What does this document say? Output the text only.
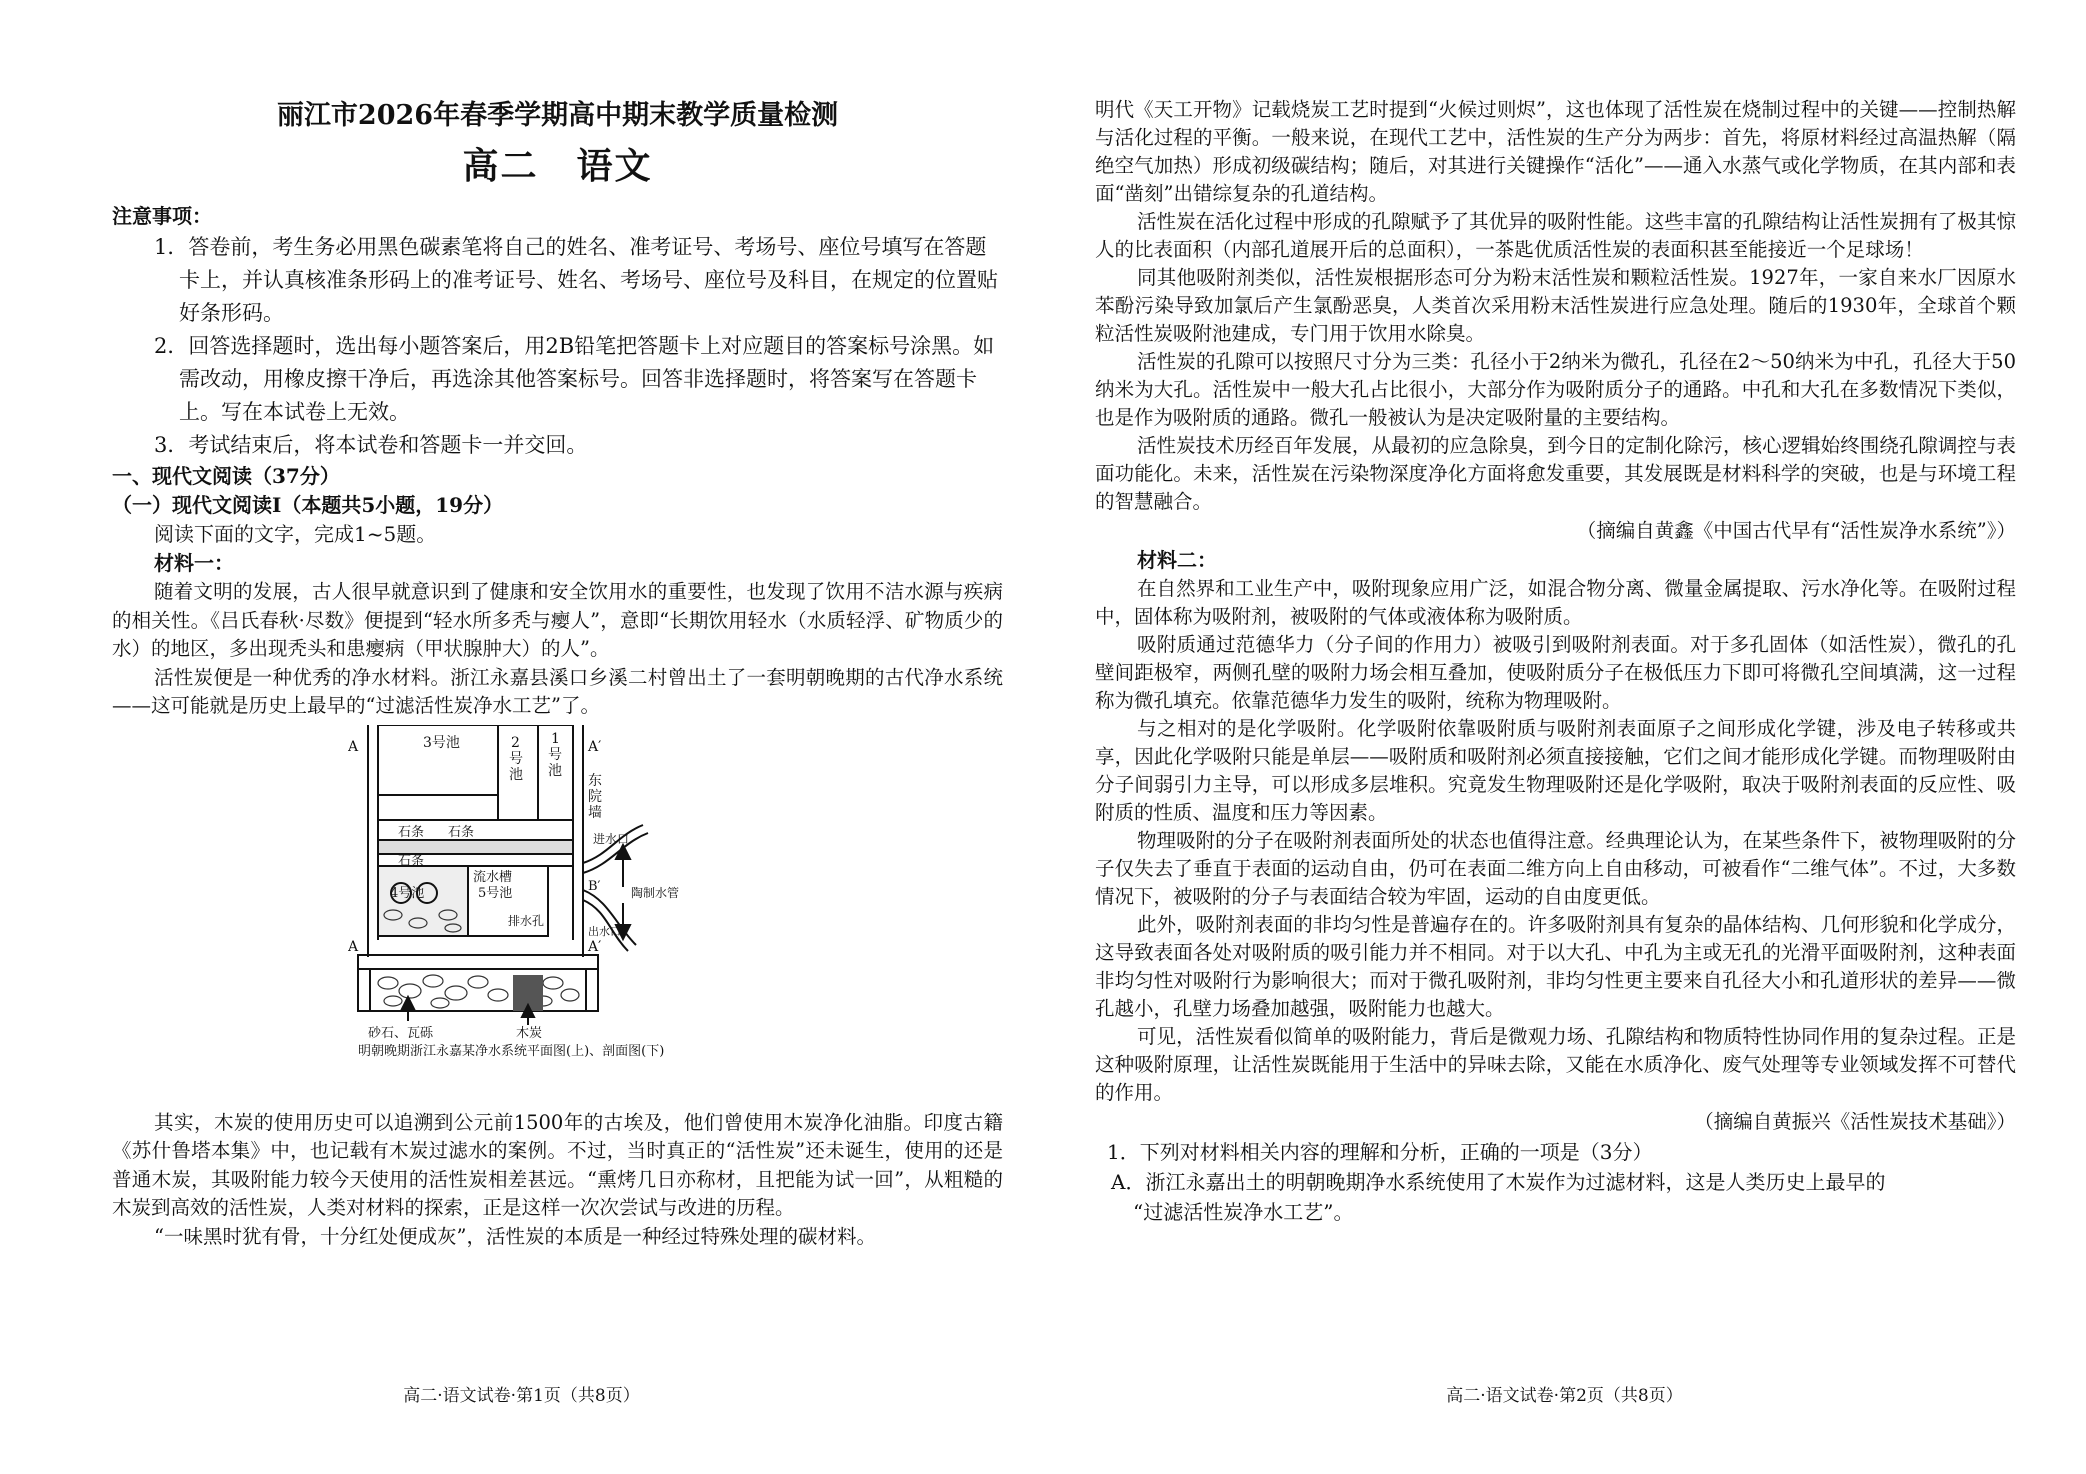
丽江市2026年春季学期高中期末教学质量检测

高二　语文

注意事项：

1．答卷前，考生务必用黑色碳素笔将自己的姓名、准考证号、考场号、座位号填写在答题卡上，并认真核准条形码上的准考证号、姓名、考场号、座位号及科目，在规定的位置贴好条形码。

2．回答选择题时，选出每小题答案后，用2B铅笔把答题卡上对应题目的答案标号涂黑。如需改动，用橡皮擦干净后，再选涂其他答案标号。回答非选择题时，将答案写在答题卡上。写在本试卷上无效。

3．考试结束后，将本试卷和答题卡一并交回。

一、现代文阅读（37分）

（一）现代文阅读Ⅰ（本题共5小题，19分）

阅读下面的文字，完成1~5题。

材料一：

随着文明的发展，古人很早就意识到了健康和安全饮用水的重要性，也发现了饮用不洁水源与疾病的相关性。《吕氏春秋·尽数》便提到“轻水所多秃与瘿人”，意即“长期饮用轻水（水质轻浮、矿物质少的水）的地区，多出现秃头和患瘿病（甲状腺肿大）的人”。

活性炭便是一种优秀的净水材料。浙江永嘉县溪口乡溪二村曾出土了一套明朝晚期的古代净水系统——这可能就是历史上最早的“过滤活性炭净水工艺”了。

A	A′
3号池	2
号
池
1
号
池
东
院
墙
石条 石条
石条
进水口
流水槽
5号池
4号池
排水孔
B′	陶制水管
出水口
A	A′
砂石、瓦砾	木炭
明朝晚期浙江永嘉某净水系统平面图(上)、剖面图(下)

其实，木炭的使用历史可以追溯到公元前1500年的古埃及，他们曾使用木炭净化油脂。印度古籍《苏什鲁塔本集》中，也记载有木炭过滤水的案例。不过，当时真正的“活性炭”还未诞生，使用的还是普通木炭，其吸附能力较今天使用的活性炭相差甚远。“熏烤几日亦称材，且把能为试一回”，从粗糙的木炭到高效的活性炭，人类对材料的探索，正是这样一次次尝试与改进的历程。

“一味黑时犹有骨，十分红处便成灰”，活性炭的本质是一种经过特殊处理的碳材料。

高二·语文试卷·第1页（共8页）

明代《天工开物》记载烧炭工艺时提到“火候过则烬”，这也体现了活性炭在烧制过程中的关键——控制热解与活化过程的平衡。一般来说，在现代工艺中，活性炭的生产分为两步：首先，将原材料经过高温热解（隔绝空气加热）形成初级碳结构；随后，对其进行关键操作“活化”——通入水蒸气或化学物质，在其内部和表面“凿刻”出错综复杂的孔道结构。

活性炭在活化过程中形成的孔隙赋予了其优异的吸附性能。这些丰富的孔隙结构让活性炭拥有了极其惊人的比表面积（内部孔道展开后的总面积），一茶匙优质活性炭的表面积甚至能接近一个足球场！

同其他吸附剂类似，活性炭根据形态可分为粉末活性炭和颗粒活性炭。1927年，一家自来水厂因原水苯酚污染导致加氯后产生氯酚恶臭，人类首次采用粉末活性炭进行应急处理。随后的1930年，全球首个颗粒活性炭吸附池建成，专门用于饮用水除臭。

活性炭的孔隙可以按照尺寸分为三类：孔径小于2纳米为微孔，孔径在2～50纳米为中孔，孔径大于50纳米为大孔。活性炭中一般大孔占比很小，大部分作为吸附质分子的通路。中孔和大孔在多数情况下类似，也是作为吸附质的通路。微孔一般被认为是决定吸附量的主要结构。

活性炭技术历经百年发展，从最初的应急除臭，到今日的定制化除污，核心逻辑始终围绕孔隙调控与表面功能化。未来，活性炭在污染物深度净化方面将愈发重要，其发展既是材料科学的突破，也是与环境工程的智慧融合。

（摘编自黄鑫《中国古代早有“活性炭净水系统”》）

材料二：

在自然界和工业生产中，吸附现象应用广泛，如混合物分离、微量金属提取、污水净化等。在吸附过程中，固体称为吸附剂，被吸附的气体或液体称为吸附质。

吸附质通过范德华力（分子间的作用力）被吸引到吸附剂表面。对于多孔固体（如活性炭），微孔的孔壁间距极窄，两侧孔壁的吸附力场会相互叠加，使吸附质分子在极低压力下即可将微孔空间填满，这一过程称为微孔填充。依靠范德华力发生的吸附，统称为物理吸附。

与之相对的是化学吸附。化学吸附依靠吸附质与吸附剂表面原子之间形成化学键，涉及电子转移或共享，因此化学吸附只能是单层——吸附质和吸附剂必须直接接触，它们之间才能形成化学键。而物理吸附由分子间弱引力主导，可以形成多层堆积。究竟发生物理吸附还是化学吸附，取决于吸附剂表面的反应性、吸附质的性质、温度和压力等因素。

物理吸附的分子在吸附剂表面所处的状态也值得注意。经典理论认为，在某些条件下，被物理吸附的分子仅失去了垂直于表面的运动自由，仍可在表面二维方向上自由移动，可被看作“二维气体”。不过，大多数情况下，被吸附的分子与表面结合较为牢固，运动的自由度更低。

此外，吸附剂表面的非均匀性是普遍存在的。许多吸附剂具有复杂的晶体结构、几何形貌和化学成分，这导致表面各处对吸附质的吸引能力并不相同。对于以大孔、中孔为主或无孔的光滑平面吸附剂，这种表面非均匀性对吸附行为影响很大；而对于微孔吸附剂，非均匀性更主要来自孔径大小和孔道形状的差异——微孔越小，孔壁力场叠加越强，吸附能力也越大。

可见，活性炭看似简单的吸附能力，背后是微观力场、孔隙结构和物质特性协同作用的复杂过程。正是这种吸附原理，让活性炭既能用于生活中的异味去除，又能在水质净化、废气处理等专业领域发挥不可替代的作用。

（摘编自黄振兴《活性炭技术基础》）

1．下列对材料相关内容的理解和分析，正确的一项是（3分）

A．浙江永嘉出土的明朝晚期净水系统使用了木炭作为过滤材料，这是人类历史上最早的

“过滤活性炭净水工艺”。

高二·语文试卷·第2页（共8页）
